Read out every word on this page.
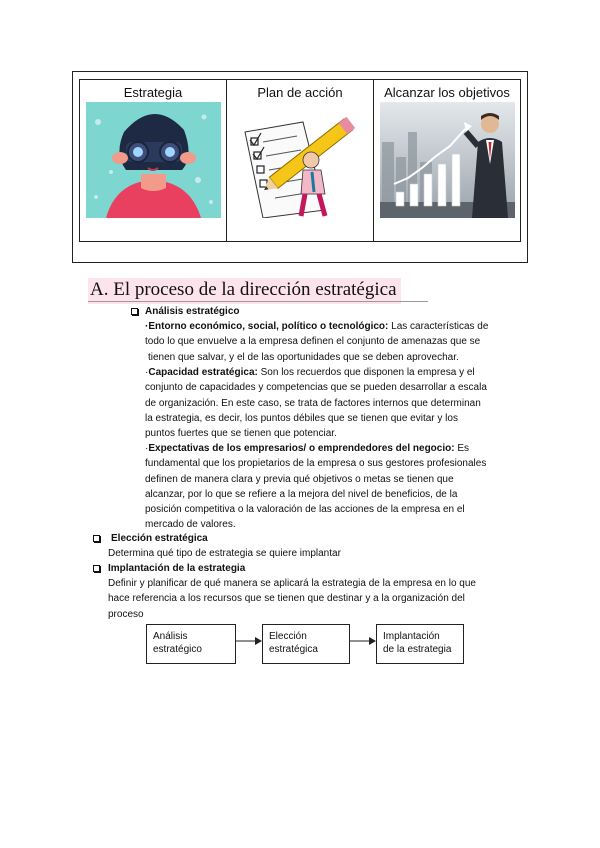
Estrategia	Plan de acción	Alcanzar los objetivos
A. El proceso de la dirección estratégica
Análisis estratégico
·Entorno económico, social, político o tecnológico: Las características de
todo lo que envuelve a la empresa definen el conjunto de amenazas que se
tienen que salvar, y el de las oportunidades que se deben aprovechar.
·Capacidad estratégica: Son los recuerdos que disponen la empresa y el
conjunto de capacidades y competencias que se pueden desarrollar a escala
de organización. En este caso, se trata de factores internos que determinan
la estrategia, es decir, los puntos débiles que se tienen que evitar y los
puntos fuertes que se tienen que potenciar.
·Expectativas de los empresarios/ o emprendedores del negocio: Es
fundamental que los propietarios de la empresa o sus gestores profesionales
definen de manera clara y previa qué objetivos o metas se tienen que
alcanzar, por lo que se refiere a la mejora del nivel de beneficios, de la
posición competitiva o la valoración de las acciones de la empresa en el
mercado de valores.
Elección estratégica
Determina qué tipo de estrategia se quiere implantar
Implantación de la estrategia
Definir y planificar de qué manera se aplicará la estrategia de la empresa en lo que
hace referencia a los recursos que se tienen que destinar y a la organización del
proceso
Análisis
estratégico
Elección
estratégica
Implantación
de la estrategia
